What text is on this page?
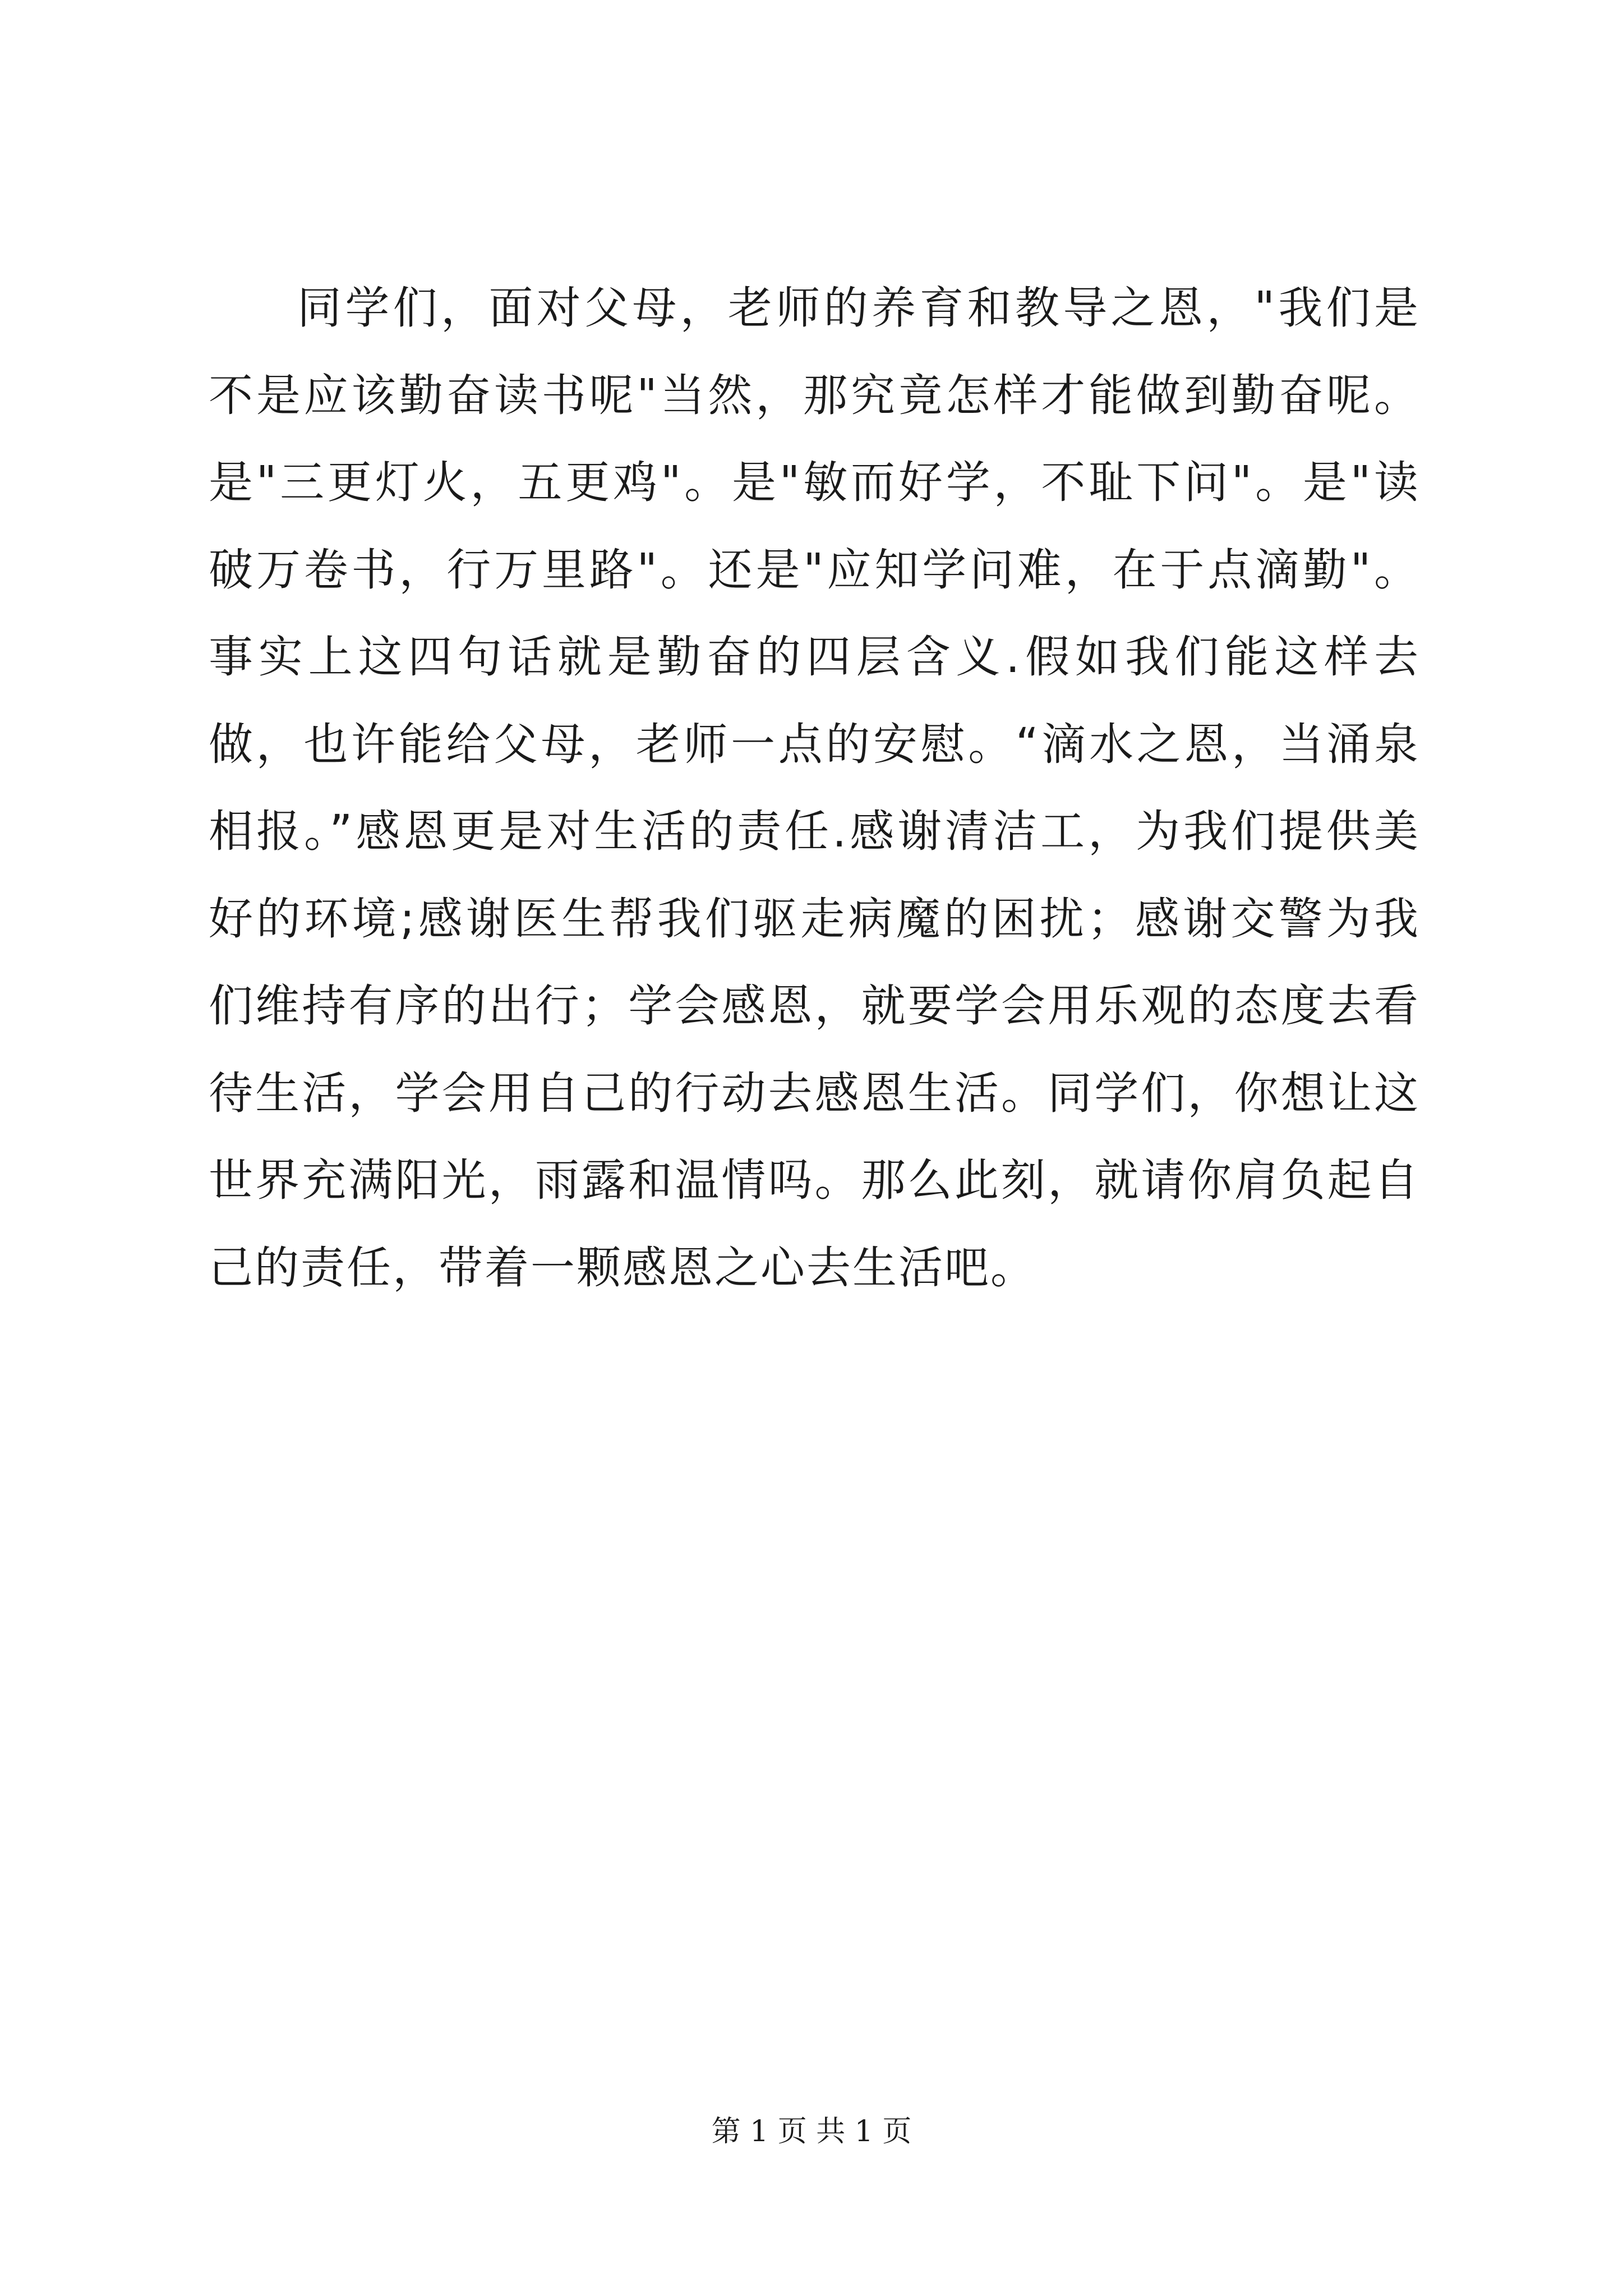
同学们，面对父母，老师的养育和教导之恩，"我们是不是应该勤奋读书呢"当然，那究竟怎样才能做到勤奋呢。是"三更灯火，五更鸡"。是"敏而好学，不耻下问"。是"读破万卷书，行万里路"。还是"应知学问难，在于点滴勤"。事实上这四句话就是勤奋的四层含义.假如我们能这样去做，也许能给父母，老师一点的安慰。“滴水之恩，当涌泉相报。”感恩更是对生活的责任.感谢清洁工，为我们提供美好的环境;感谢医生帮我们驱走病魔的困扰；感谢交警为我们维持有序的出行；学会感恩，就要学会用乐观的态度去看待生活，学会用自己的行动去感恩生活。同学们，你想让这世界充满阳光，雨露和温情吗。那么此刻，就请你肩负起自己的责任，带着一颗感恩之心去生活吧。

第 1 页 共 1 页
